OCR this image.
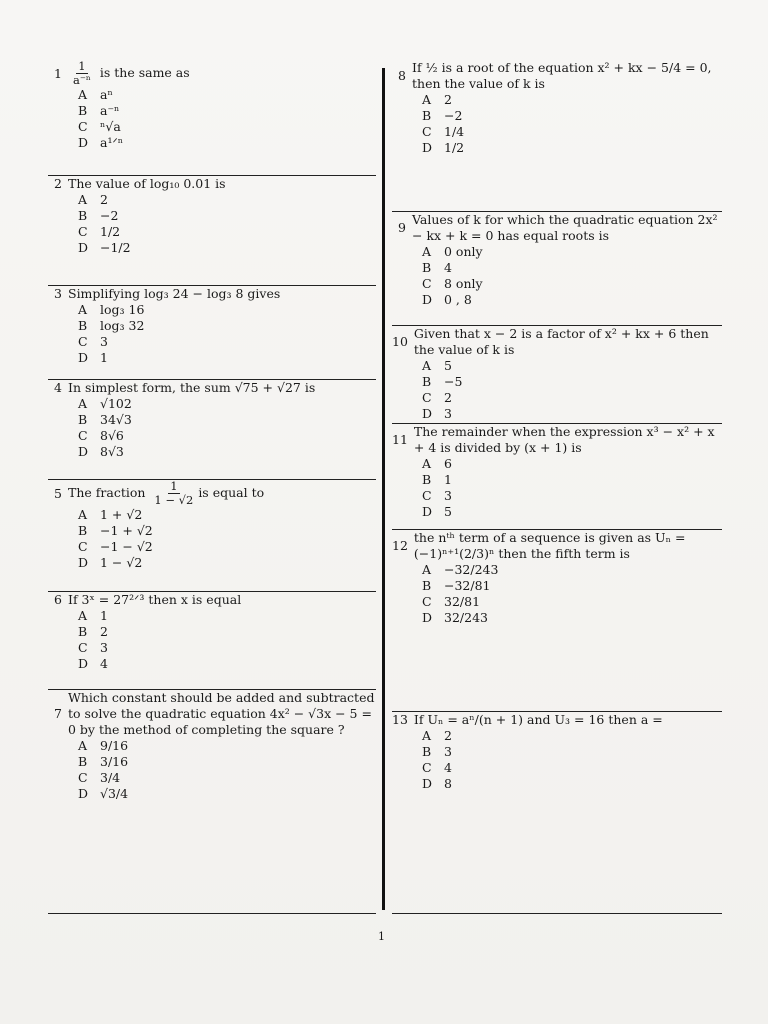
$1 \frac{1}{\text{a⁻ⁿ}}$ is the same as
A	aⁿ
B	a⁻ⁿ
C ⁿ√a
D a¹ᐟⁿ
2 The value of log₁₀ 0.01 is
A	2
B	−2
C 1/2
D −1/2
3 Simplifying log₃ 24 − log₃ 8 gives
A	log₃ 16
B	log₃ 32
C 3
D 1
4 In simplest form, the sum √75 + √27 is
A	√102
B	34√3
C 8√6
D 8√3
5 The fraction $\frac{1}{1 - √2}$ is equal to
A	1 + √2
B	−1 + √2
C −1 − √2
D 1 − √2
6 If 3ˣ = 27²ᐟ³ then x is equal
A	1
B	2
C 3
D 4
7
Which constant should be added and subtracted to solve the quadratic equation 4x² − √3x − 5 = 0 by the method of completing the square ?
A	9/16
B	3/16
C 3/4
D √3/4
8
If ½ is a root of the equation x² + kx − 5/4 = 0, then the value of k is
A	2
B	−2
C 1/4
D 1/2
9
Values of k for which the quadratic equation 2x² − kx + k = 0 has equal roots is
A	0 only
B	4
C 8 only
D 0 , 8
10
Given that x − 2 is a factor of x² + kx + 6 then the value of k is
A	5
B	−5
C 2
D 3
11
The remainder when the expression x³ − x² + x + 4 is divided by (x + 1) is
A	6
B	1
C 3
D 5
12
the nᵗʰ term of a sequence is given as Uₙ = (−1)ⁿ⁺¹(2/3)ⁿ then the fifth term is
A	−32/243
B	−32/81
C 32/81
D 32/243
13 If Uₙ = aⁿ/(n + 1) and U₃ = 16 then a =
A	2
B	3
C 4
D 8
1
